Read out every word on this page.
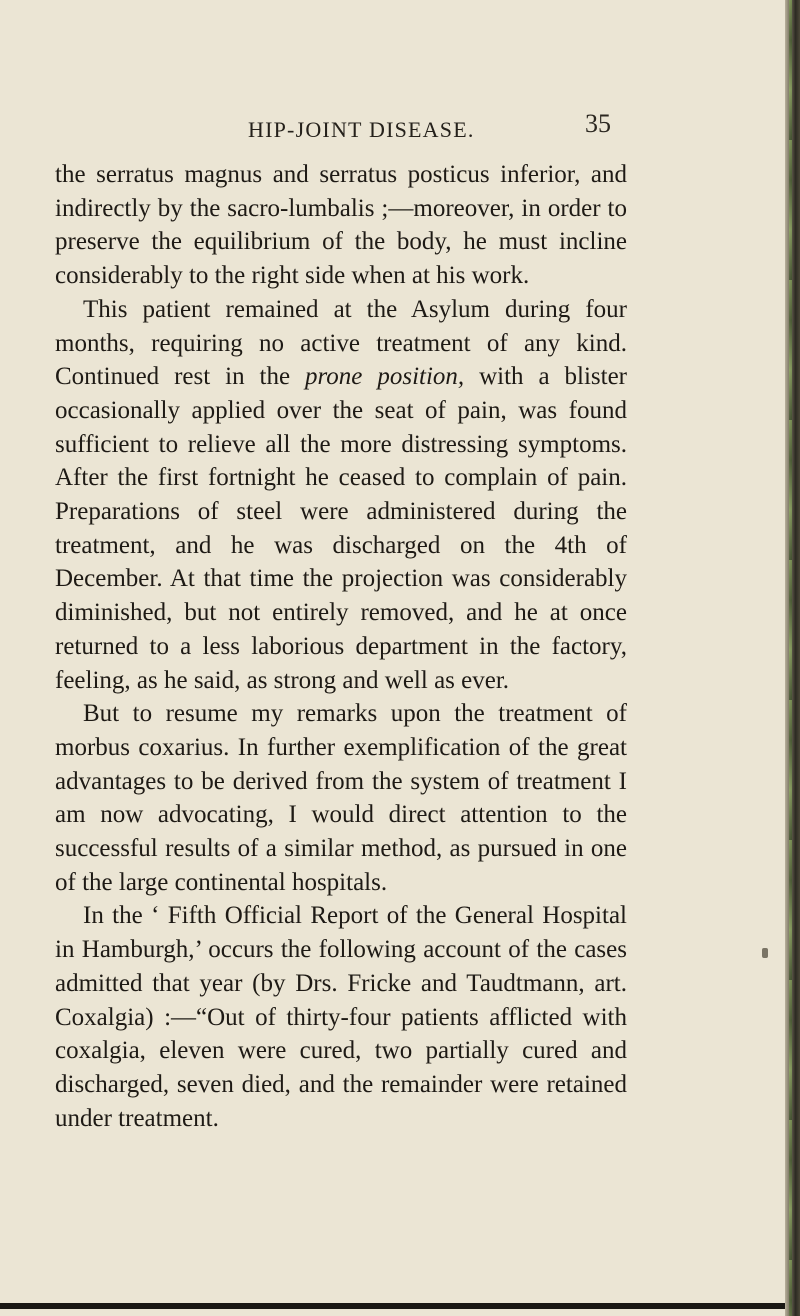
HIP-JOINT DISEASE.	35

the serratus magnus and serratus posticus inferior, and indirectly by the sacro-lumbalis ;—moreover, in order to preserve the equilibrium of the body, he must incline considerably to the right side when at his work.

This patient remained at the Asylum during four months, requiring no active treatment of any kind. Continued rest in the prone position, with a blister occasionally applied over the seat of pain, was found sufficient to relieve all the more distressing symptoms. After the first fortnight he ceased to complain of pain. Preparations of steel were administered during the treatment, and he was discharged on the 4th of December. At that time the projection was considerably diminished, but not entirely removed, and he at once returned to a less laborious department in the factory, feeling, as he said, as strong and well as ever.

But to resume my remarks upon the treatment of morbus coxarius. In further exemplification of the great advantages to be derived from the system of treatment I am now advocating, I would direct attention to the successful results of a similar method, as pursued in one of the large continental hospitals.

In the ‘ Fifth Official Report of the General Hospital in Hamburgh,’ occurs the following account of the cases admitted that year (by Drs. Fricke and Taudtmann, art. Coxalgia) :—“Out of thirty-four patients afflicted with coxalgia, eleven were cured, two partially cured and discharged, seven died, and the remainder were retained under treatment.
